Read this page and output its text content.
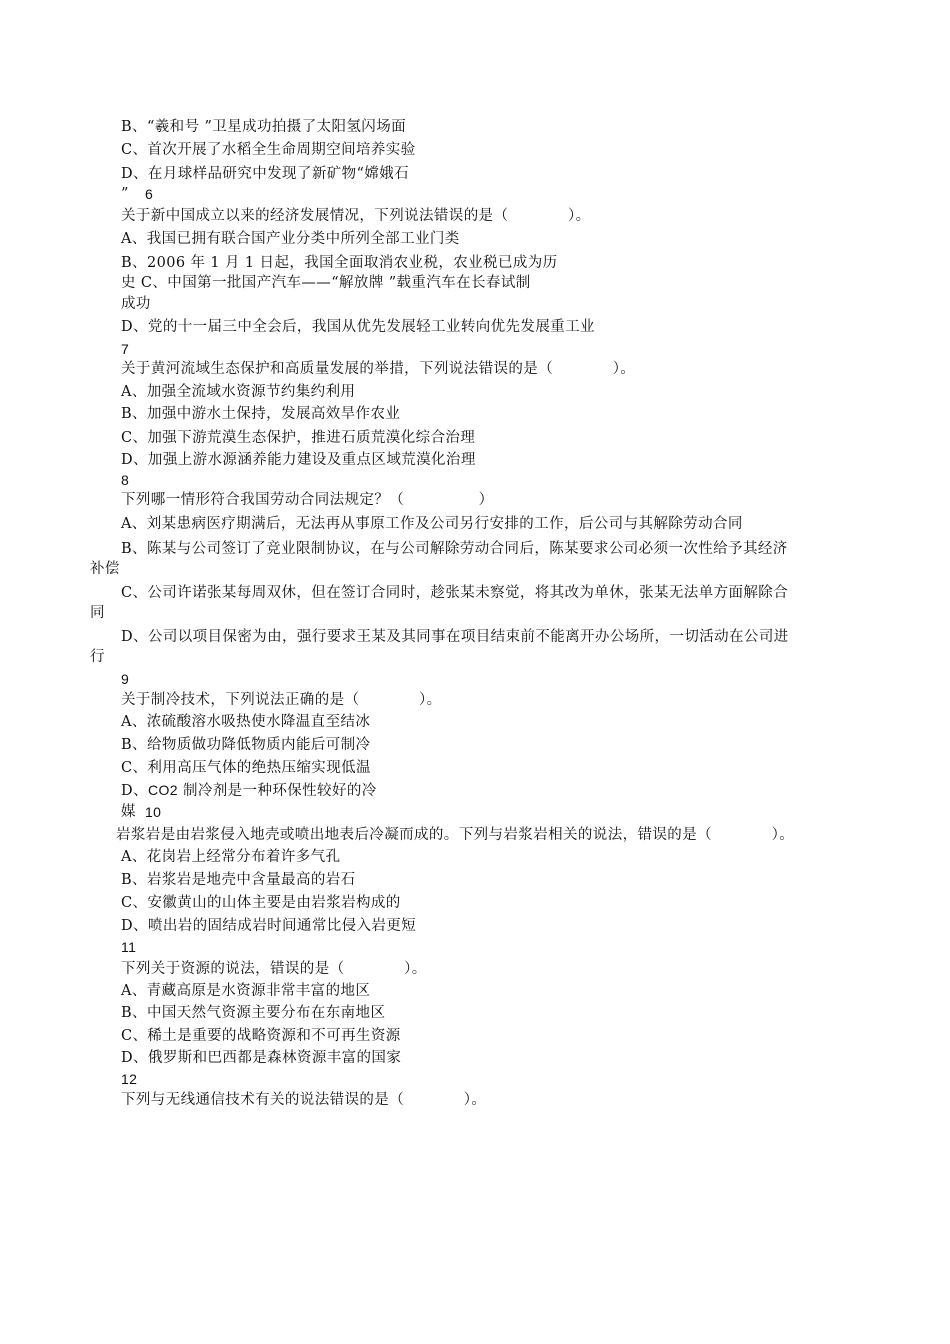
B、“羲和号 ”卫星成功拍摄了太阳氢闪场面
C、首次开展了水稻全生命周期空间培养实验
D、在月球样品研究中发现了新矿物“嫦娥石
” 6
关于新中国成立以来的经济发展情况，下列说法错误的是（　　　　）。
A、我国已拥有联合国产业分类中所列全部工业门类
B、2006 年 1 月 1 日起，我国全面取消农业税，农业税已成为历
史 C、中国第一批国产汽车——“解放牌 ”载重汽车在长春试制
成功
D、党的十一届三中全会后，我国从优先发展轻工业转向优先发展重工业
7
关于黄河流域生态保护和高质量发展的举措，下列说法错误的是（　　　　）。
A、加强全流域水资源节约集约利用
B、加强中游水土保持，发展高效旱作农业
C、加强下游荒漠生态保护，推进石质荒漠化综合治理
D、加强上游水源涵养能力建设及重点区域荒漠化治理
8
下列哪一情形符合我国劳动合同法规定？（　　　　　）
A、刘某患病医疗期满后，无法再从事原工作及公司另行安排的工作，后公司与其解除劳动合同
B、陈某与公司签订了竞业限制协议，在与公司解除劳动合同后，陈某要求公司必须一次性给予其经济
补偿
C、公司许诺张某每周双休，但在签订合同时，趁张某未察觉，将其改为单休，张某无法单方面解除合
同
D、公司以项目保密为由，强行要求王某及其同事在项目结束前不能离开办公场所，一切活动在公司进
行
9
关于制冷技术，下列说法正确的是（　　　　）。
A、浓硫酸溶水吸热使水降温直至结冰
B、给物质做功降低物质内能后可制冷
C、利用高压气体的绝热压缩实现低温
D、CO2 制冷剂是一种环保性较好的冷
媒 10
岩浆岩是由岩浆侵入地壳或喷出地表后冷凝而成的。下列与岩浆岩相关的说法，错误的是（　　　　）。
A、花岗岩上经常分布着许多气孔
B、岩浆岩是地壳中含量最高的岩石
C、安徽黄山的山体主要是由岩浆岩构成的
D、喷出岩的固结成岩时间通常比侵入岩更短
11
下列关于资源的说法，错误的是（　　　　）。
A、青藏高原是水资源非常丰富的地区
B、中国天然气资源主要分布在东南地区
C、稀土是重要的战略资源和不可再生资源
D、俄罗斯和巴西都是森林资源丰富的国家
12
下列与无线通信技术有关的说法错误的是（　　　　）。
